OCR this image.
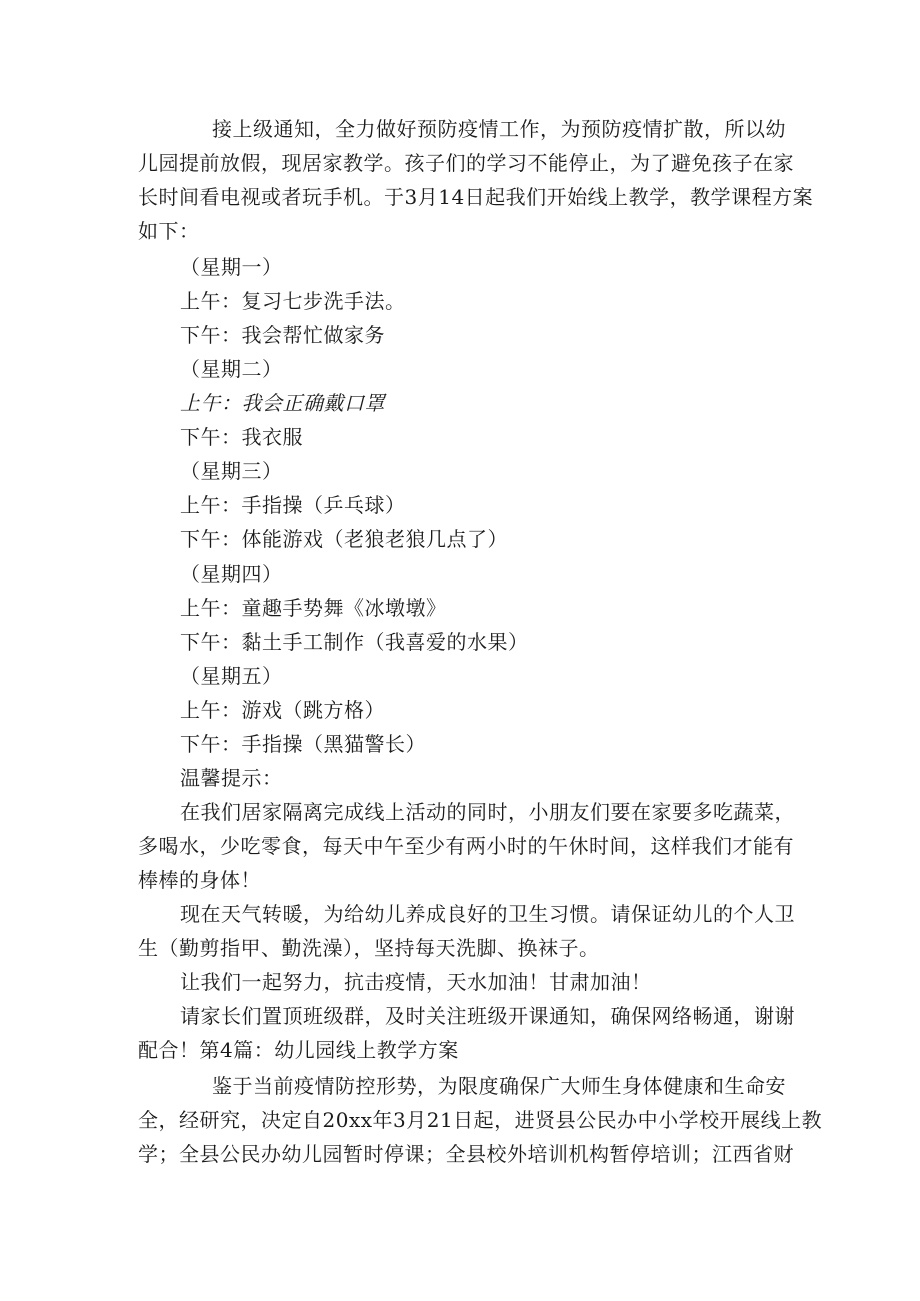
接上级通知，全力做好预防疫情工作，为预防疫情扩散，所以幼
儿园提前放假，现居家教学。孩子们的学习不能停止，为了避免孩子在家
长时间看电视或者玩手机。于3月14日起我们开始线上教学，教学课程方案
如下：
（星期一）
上午：复习七步洗手法。
下午：我会帮忙做家务
（星期二）
上午：我会正确戴口罩
下午：我衣服
（星期三）
上午：手指操（乒乓球）
下午：体能游戏（老狼老狼几点了）
（星期四）
上午：童趣手势舞《冰墩墩》
下午：黏土手工制作（我喜爱的水果）
（星期五）
上午：游戏（跳方格）
下午：手指操（黑猫警长）
温馨提示：
在我们居家隔离完成线上活动的同时，小朋友们要在家要多吃蔬菜，
多喝水，少吃零食，每天中午至少有两小时的午休时间，这样我们才能有
棒棒的身体！
现在天气转暖，为给幼儿养成良好的卫生习惯。请保证幼儿的个人卫
生（勤剪指甲、勤洗澡），坚持每天洗脚、换袜子。
让我们一起努力，抗击疫情，天水加油！甘肃加油！
请家长们置顶班级群，及时关注班级开课通知，确保网络畅通，谢谢
配合！第4篇：幼儿园线上教学方案
鉴于当前疫情防控形势，为限度确保广大师生身体健康和生命安
全，经研究，决定自20xx年3月21日起，进贤县公民办中小学校开展线上教
学；全县公民办幼儿园暂时停课；全县校外培训机构暂停培训；江西省财
